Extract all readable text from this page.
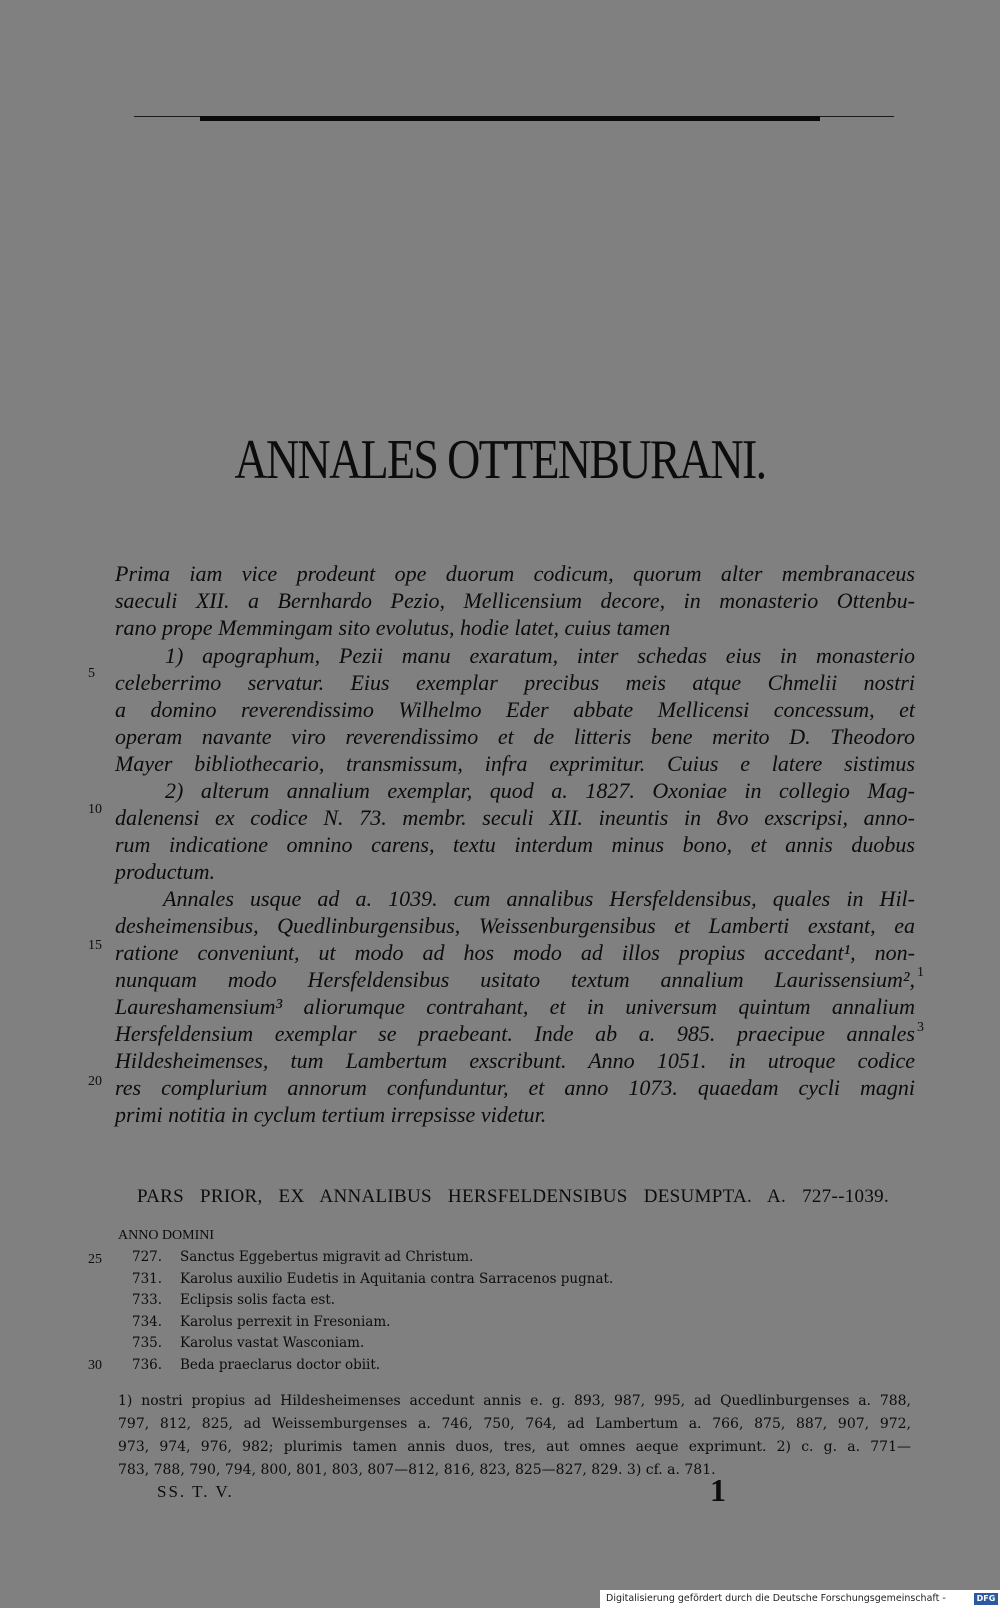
ANNALES OTTENBURANI.
Prima iam vice prodeunt ope duorum codicum, quorum alter membranaceus
saeculi XII. a Bernhardo Pezio, Mellicensium decore, in monasterio Ottenbu-
rano prope Memmingam sito evolutus, hodie latet, cuius tamen
1) apographum, Pezii manu exaratum, inter schedas eius in monasterio
celeberrimo servatur. Eius exemplar precibus meis atque Chmelii nostri
a domino reverendissimo Wilhelmo Eder abbate Mellicensi concessum, et
operam navante viro reverendissimo et de litteris bene merito D. Theodoro
Mayer bibliothecario, transmissum, infra exprimitur. Cuius e latere sistimus
2) alterum annalium exemplar, quod a. 1827. Oxoniae in collegio Mag-
dalenensi ex codice N. 73. membr. seculi XII. ineuntis in 8vo exscripsi, anno-
rum indicatione omnino carens, textu interdum minus bono, et annis duobus
productum.
Annales usque ad a. 1039. cum annalibus Hersfeldensibus, quales in Hil-
desheimensibus, Quedlinburgensibus, Weissenburgensibus et Lamberti exstant, ea
ratione conveniunt, ut modo ad hos modo ad illos propius accedant¹, non-
nunquam modo Hersfeldensibus usitato textum annalium Laurissensium²,
Laureshamensium³ aliorumque contrahant, et in universum quintum annalium
Hersfeldensium exemplar se praebeant. Inde ab a. 985. praecipue annales
Hildesheimenses, tum Lambertum exscribunt. Anno 1051. in utroque codice
res complurium annorum confunduntur, et anno 1073. quaedam cycli magni
primi notitia in cyclum tertium irrepsisse videtur.
5
10
15
20
25
30
1
3
PARS PRIOR, EX ANNALIBUS HERSFELDENSIBUS DESUMPTA. A. 727--1039.
ANNO DOMINI
727. Sanctus Eggebertus migravit ad Christum.
731. Karolus auxilio Eudetis in Aquitania contra Sarracenos pugnat.
733. Eclipsis solis facta est.
734. Karolus perrexit in Fresoniam.
735. Karolus vastat Wasconiam.
736. Beda praeclarus doctor obiit.
1) nostri propius ad Hildesheimenses accedunt annis e. g. 893, 987, 995, ad Quedlinburgenses a. 788,
797, 812, 825, ad Weissemburgenses a. 746, 750, 764, ad Lambertum a. 766, 875, 887, 907, 972,
973, 974, 976, 982; plurimis tamen annis duos, tres, aut omnes aeque exprimunt. 2) c. g. a. 771—
783, 788, 790, 794, 800, 801, 803, 807—812, 816, 823, 825—827, 829. 3) cf. a. 781.
SS. T. V.	1
Digitalisierung gefördert durch die Deutsche Forschungsgemeinschaft -	DFG
